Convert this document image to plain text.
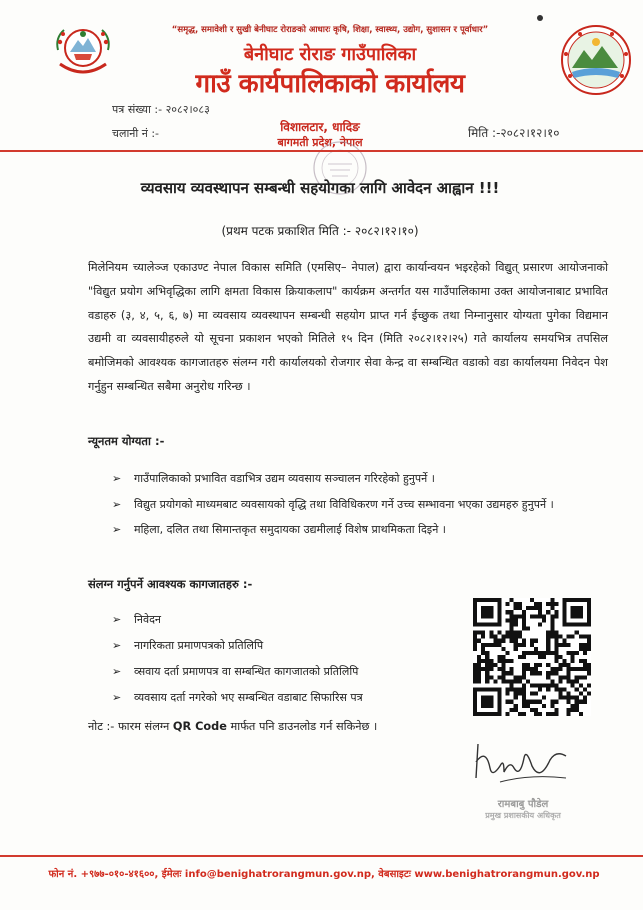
“समृद्ध, समावेशी र सुखी बेनीघाट रोराङको आधारः कृषि, शिक्षा, स्वास्थ्य, उद्योग, सुशासन र पूर्वाधार”
बेनीघाट रोराङ गाउँपालिका
गाउँ कार्यपालिकाको कार्यालय
पत्र संख्या :- २०८२।०८३
चलानी नं :-	मिति :-२०८२।१२।१०
विशालटार, धादिङ
बागमती प्रदेश, नेपाल
व्यवसाय व्यवस्थापन सम्बन्धी सहयोगका लागि आवेदन आह्वान !!!
(प्रथम पटक प्रकाशित मिति :- २०८२।१२।१०)
मिलेनियम च्यालेञ्ज एकाउण्ट नेपाल विकास समिति (एमसिए– नेपाल) द्वारा कार्यान्वयन भइरहेको विद्युत् प्रसारण आयोजनाको "विद्युत प्रयोग अभिवृद्धिका लागि क्षमता विकास क्रियाकलाप" कार्यक्रम अन्तर्गत यस गाउँपालिकामा उक्त आयोजनाबाट प्रभावित वडाहरु (३, ४, ५, ६, ७) मा व्यवसाय व्यवस्थापन सम्बन्धी सहयोग प्राप्त गर्न ईच्छुक तथा निम्नानुसार योग्यता पुगेका विद्यमान उद्यमी वा व्यवसायीहरुले यो सूचना प्रकाशन भएको मितिले १५ दिन (मिति २०८२।१२।२५) गते कार्यालय समयभित्र तपसिल बमोजिमको आवश्यक कागजातहरु संलग्न गरी कार्यालयको रोजगार सेवा केन्द्र वा सम्बन्धित वडाको वडा कार्यालयमा निवेदन पेश गर्नुहुन सम्बन्धित सबैमा अनुरोध गरिन्छ ।
न्यूनतम योग्यता :-
➢ गाउँपालिकाको प्रभावित वडाभित्र उद्यम व्यवसाय सञ्चालन गरिरहेको हुनुपर्ने ।
➢ विद्युत प्रयोगको माध्यमबाट व्यवसायको वृद्धि तथा विविधिकरण गर्ने उच्च सम्भावना भएका उद्यमहरु हुनुपर्ने ।
➢ महिला, दलित तथा सिमान्तकृत समुदायका उद्यमीलाई विशेष प्राथमिकता दिइने ।
संलग्न गर्नुपर्ने आवश्यक कागजातहरु :-
➢ निवेदन
➢ नागरिकता प्रमाणपत्रको प्रतिलिपि
➢ व्सवाय दर्ता प्रमाणपत्र वा सम्बन्धित कागजातको प्रतिलिपि
➢ व्यवसाय दर्ता नगरेको भए सम्बन्धित वडाबाट सिफारिस पत्र
नोट :- फारम संलग्न QR Code मार्फत पनि डाउनलोड गर्न सकिनेछ ।
रामबाबु पौडेल
प्रमुख प्रशासकीय अधिकृत
फोन नं. +९७७-०१०-४१६००, ईमेलः info@benighatrorangmun.gov.np, वेबसाइटः www.benighatrorangmun.gov.np
